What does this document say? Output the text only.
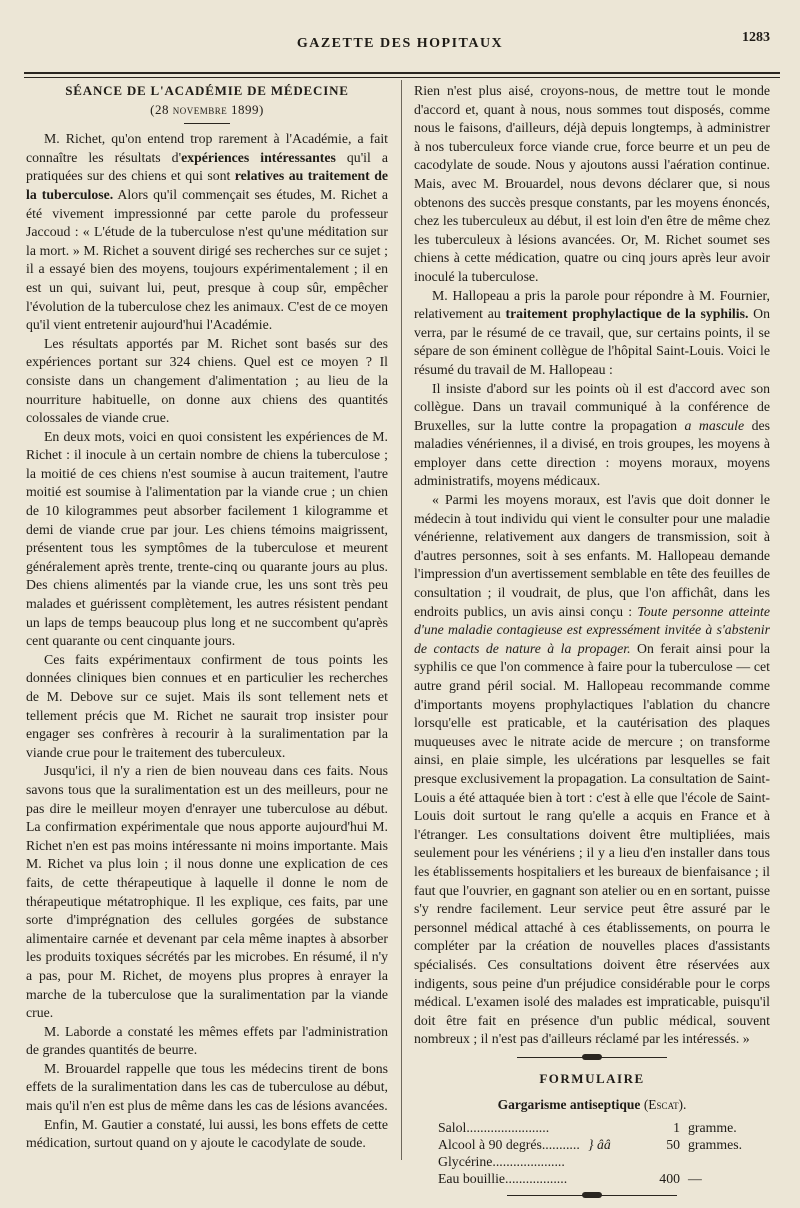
GAZETTE DES HOPITAUX	1283
SÉANCE DE L'ACADÉMIE DE MÉDECINE
(28 novembre 1899)

M. Richet, qu'on entend trop rarement à l'Académie, a fait connaître les résultats d'expériences intéressantes qu'il a pratiquées sur des chiens et qui sont relatives au traitement de la tuberculose. Alors qu'il commençait ses études, M. Richet a été vivement impressionné par cette parole du professeur Jaccoud : « L'étude de la tuberculose n'est qu'une méditation sur la mort. » M. Richet a souvent dirigé ses recherches sur ce sujet ; il a essayé bien des moyens, toujours expérimentalement ; il en est un qui, suivant lui, peut, presque à coup sûr, empêcher l'évolution de la tuberculose chez les animaux. C'est de ce moyen qu'il vient entretenir aujourd'hui l'Académie.

Les résultats apportés par M. Richet sont basés sur des expériences portant sur 324 chiens. Quel est ce moyen ? Il consiste dans un changement d'alimentation ; au lieu de la nourriture habituelle, on donne aux chiens des quantités colossales de viande crue.

En deux mots, voici en quoi consistent les expériences de M. Richet : il inocule à un certain nombre de chiens la tuberculose ; la moitié de ces chiens n'est soumise à aucun traitement, l'autre moitié est soumise à l'alimentation par la viande crue ; un chien de 10 kilogrammes peut absorber facilement 1 kilogramme et demi de viande crue par jour. Les chiens témoins maigrissent, présentent tous les symptômes de la tuberculose et meurent généralement après trente, trente-cinq ou quarante jours au plus. Des chiens alimentés par la viande crue, les uns sont très peu malades et guérissent complètement, les autres résistent pendant un laps de temps beaucoup plus long et ne succombent qu'après cent quarante ou cent cinquante jours.

Ces faits expérimentaux confirment de tous points les données cliniques bien connues et en particulier les recherches de M. Debove sur ce sujet. Mais ils sont tellement nets et tellement précis que M. Richet ne saurait trop insister pour engager ses confrères à recourir à la suralimentation par la viande crue pour le traitement des tuberculeux.

Jusqu'ici, il n'y a rien de bien nouveau dans ces faits. Nous savons tous que la suralimentation est un des meilleurs, pour ne pas dire le meilleur moyen d'enrayer une tuberculose au début. La confirmation expérimentale que nous apporte aujourd'hui M. Richet n'en est pas moins intéressante ni moins importante. Mais M. Richet va plus loin ; il nous donne une explication de ces faits, de cette thérapeutique à laquelle il donne le nom de thérapeutique métatrophique. Il les explique, ces faits, par une sorte d'imprégnation des cellules gorgées de substance alimentaire carnée et devenant par cela même inaptes à absorber les produits toxiques sécrétés par les microbes. En résumé, il n'y a pas, pour M. Richet, de moyens plus propres à enrayer la marche de la tuberculose que la suralimentation par la viande crue.

M. Laborde a constaté les mêmes effets par l'administration de grandes quantités de beurre.

M. Brouardel rappelle que tous les médecins tirent de bons effets de la suralimentation dans les cas de tuberculose au début, mais qu'il n'en est plus de même dans les cas de lésions avancées.

Enfin, M. Gautier a constaté, lui aussi, les bons effets de cette médication, surtout quand on y ajoute le cacodylate de soude.

Rien n'est plus aisé, croyons-nous, de mettre tout le monde d'accord et, quant à nous, nous sommes tout disposés, comme nous le faisons, d'ailleurs, déjà depuis longtemps, à administrer à nos tuberculeux force viande crue, force beurre et un peu de cacodylate de soude. Nous y ajoutons aussi l'aération continue. Mais, avec M. Brouardel, nous devons déclarer que, si nous obtenons des succès presque constants, par les moyens énoncés, chez les tuberculeux au début, il est loin d'en être de même chez les tuberculeux à lésions avancées. Or, M. Richet soumet ses chiens à cette médication, quatre ou cinq jours après leur avoir inoculé la tuberculose.

M. Hallopeau a pris la parole pour répondre à M. Fournier, relativement au traitement prophylactique de la syphilis. On verra, par le résumé de ce travail, que, sur certains points, il se sépare de son éminent collègue de l'hôpital Saint-Louis. Voici le résumé du travail de M. Hallopeau :

Il insiste d'abord sur les points où il est d'accord avec son collègue. Dans un travail communiqué à la conférence de Bruxelles, sur la lutte contre la propagation a mascule des maladies vénériennes, il a divisé, en trois groupes, les moyens à employer dans cette direction : moyens moraux, moyens administratifs, moyens médicaux.

« Parmi les moyens moraux, est l'avis que doit donner le médecin à tout individu qui vient le consulter pour une maladie vénérienne, relativement aux dangers de transmission, soit à d'autres personnes, soit à ses enfants. M. Hallopeau demande l'impression d'un avertissement semblable en tête des feuilles de consultation ; il voudrait, de plus, que l'on affichât, dans les endroits publics, un avis ainsi conçu : Toute personne atteinte d'une maladie contagieuse est expressément invitée à s'abstenir de contacts de nature à la propager. On ferait ainsi pour la syphilis ce que l'on commence à faire pour la tuberculose — cet autre grand péril social. M. Hallopeau recommande comme d'importants moyens prophylactiques l'ablation du chancre lorsqu'elle est praticable, et la cautérisation des plaques muqueuses avec le nitrate acide de mercure ; on transforme ainsi, en plaie simple, les ulcérations par lesquelles se fait presque exclusivement la propagation. La consultation de Saint-Louis a été attaquée bien à tort : c'est à elle que l'école de Saint-Louis doit surtout le rang qu'elle a acquis en France et à l'étranger. Les consultations doivent être multipliées, mais seulement pour les vénériens ; il y a lieu d'en installer dans tous les établissements hospitaliers et les bureaux de bienfaisance ; il faut que l'ouvrier, en gagnant son atelier ou en en sortant, puisse s'y rendre facilement. Leur service peut être assuré par le personnel médical attaché à ces établissements, on pourra le compléter par la création de nouvelles places d'assistants spécialisés. Ces consultations doivent être réservées aux indigents, sous peine d'un préjudice considérable pour le corps médical. L'examen isolé des malades est impraticable, puisqu'il doit être fait en présence d'un public médical, souvent nombreux ; il n'est pas d'ailleurs réclamé par les intéressés. »

FORMULAIRE
Gargarisme antiseptique (Escat).
Salol........................	1 gramme.
Alcool à 90 degrés........... } ââ	50 grammes.
Glycérine.....................
Eau bouillie..................	400 —
